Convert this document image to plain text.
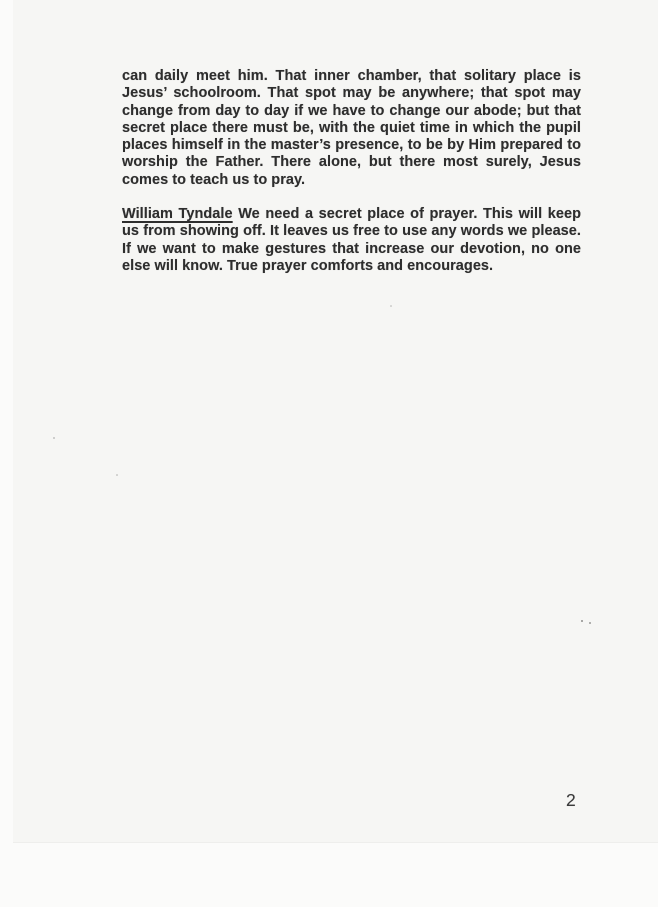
can daily meet him. That inner chamber, that solitary place is Jesus’ schoolroom. That spot may be anywhere; that spot may change from day to day if we have to change our abode; but that secret place there must be, with the quiet time in which the pupil places himself in the master’s presence, to be by Him prepared to worship the Father. There alone, but there most surely, Jesus comes to teach us to pray.

William Tyndale We need a secret place of prayer. This will keep us from showing off. It leaves us free to use any words we please. If we want to make gestures that increase our devotion, no one else will know. True prayer comforts and encourages.

2
